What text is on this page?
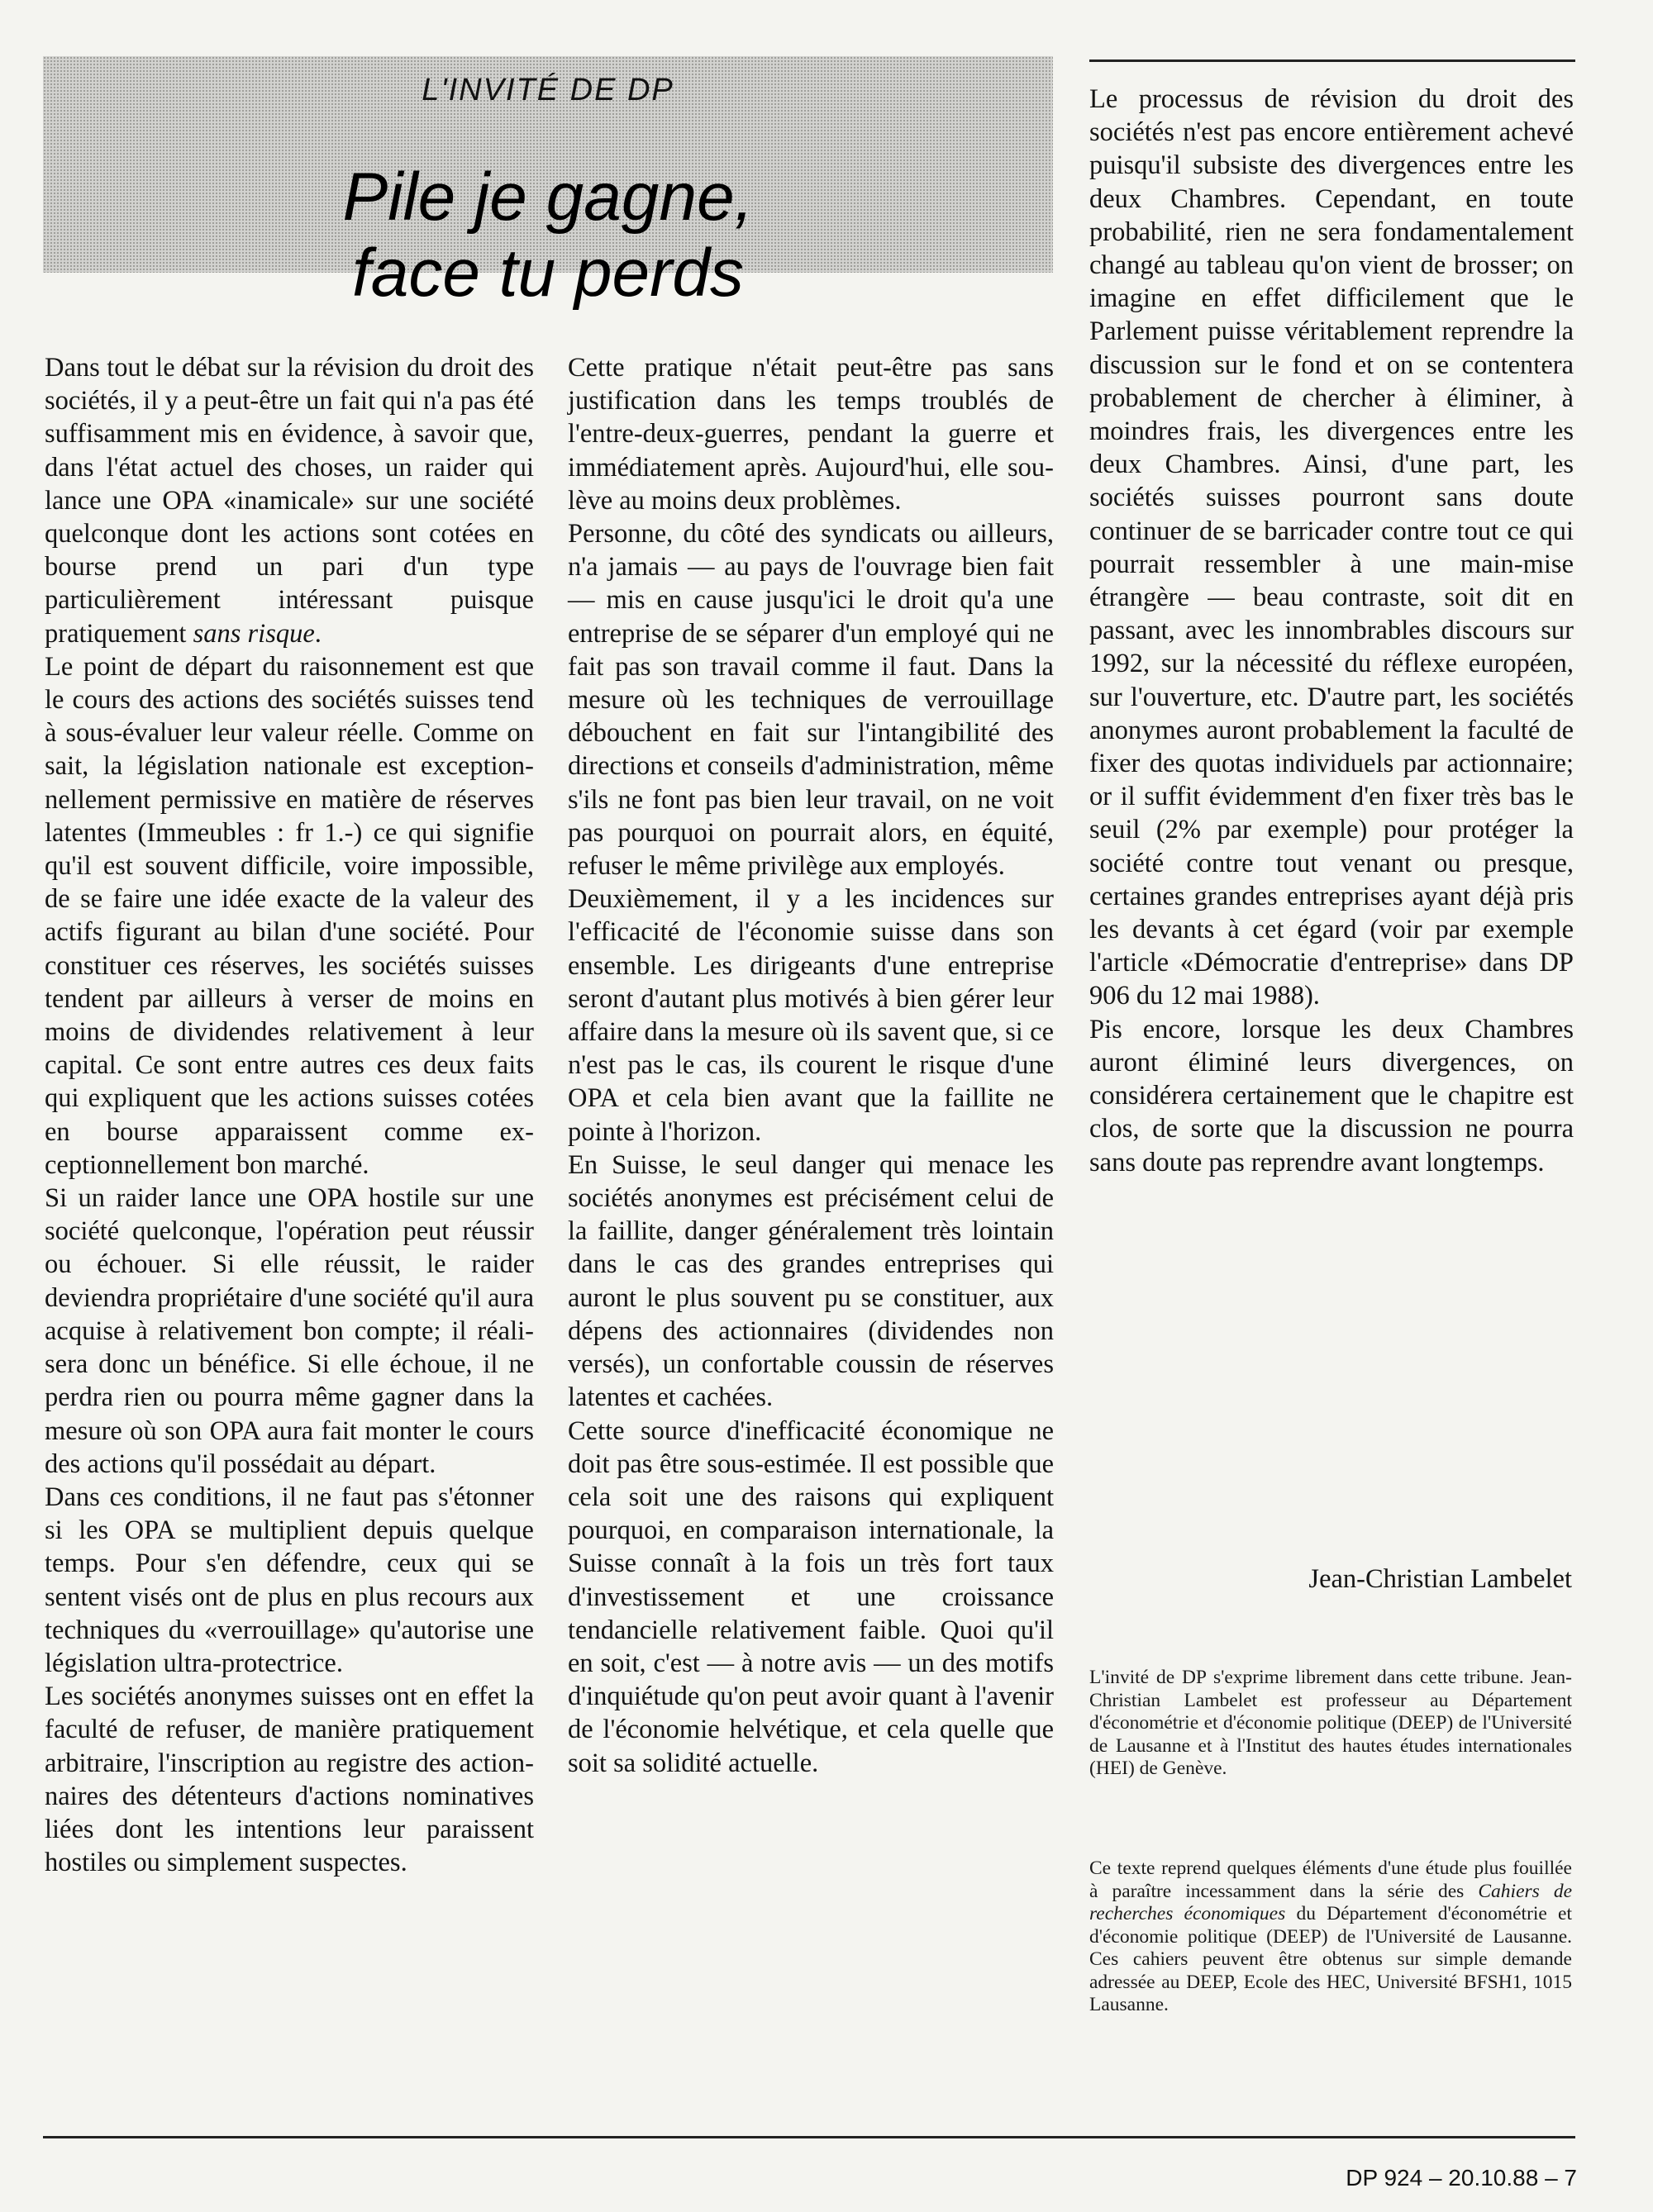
L'INVITÉ DE DP
Pile je gagne,
face tu perds

Dans tout le débat sur la révision du droit des sociétés, il y a peut-être un fait qui n'a pas été suffisamment mis en évidence, à savoir que, dans l'état actuel des choses, un raider qui lance une OPA «inamicale» sur une société quelconque dont les actions sont cotées en bourse prend un pari d'un type particulièrement intéressant puisque pratiquement sans risque.

Le point de départ du raisonnement est que le cours des actions des sociétés suisses tend à sous-évaluer leur valeur réelle. Comme on sait, la législation nationale est exceptionnellement permissive en matière de réserves latentes (Immeubles : fr 1.-) ce qui signifie qu'il est souvent difficile, voire impossible, de se faire une idée exacte de la valeur des actifs figurant au bilan d'une société. Pour constituer ces réserves, les sociétés suisses tendent par ailleurs à verser de moins en moins de dividendes relativement à leur capital. Ce sont entre autres ces deux faits qui expliquent que les actions suisses cotées en bourse apparaissent comme exceptionnellement bon marché.

Si un raider lance une OPA hostile sur une société quelconque, l'opération peut réussir ou échouer. Si elle réussit, le raider deviendra propriétaire d'une société qu'il aura acquise à relativement bon compte; il réalisera donc un bénéfice. Si elle échoue, il ne perdra rien ou pourra même gagner dans la mesure où son OPA aura fait monter le cours des actions qu'il possédait au départ.

Dans ces conditions, il ne faut pas s'étonner si les OPA se multiplient depuis quelque temps. Pour s'en défendre, ceux qui se sentent visés ont de plus en plus recours aux techniques du «verrouillage» qu'autorise une législation ultra-protectrice.

Les sociétés anonymes suisses ont en effet la faculté de refuser, de manière pratiquement arbitraire, l'inscription au registre des actionnaires des détenteurs d'actions nominatives liées dont les intentions leur paraissent hostiles ou simplement suspectes.

Cette pratique n'était peut-être pas sans justification dans les temps troublés de l'entre-deux-guerres, pendant la guerre et immédiatement après. Aujourd'hui, elle soulève au moins deux problèmes.

Personne, du côté des syndicats ou ailleurs, n'a jamais — au pays de l'ouvrage bien fait — mis en cause jusqu'ici le droit qu'a une entreprise de se séparer d'un employé qui ne fait pas son travail comme il faut. Dans la mesure où les techniques de verrouillage débouchent en fait sur l'intangibilité des directions et conseils d'administration, même s'ils ne font pas bien leur travail, on ne voit pas pourquoi on pourrait alors, en équité, refuser le même privilège aux employés.

Deuxièmement, il y a les incidences sur l'efficacité de l'économie suisse dans son ensemble. Les dirigeants d'une entreprise seront d'autant plus motivés à bien gérer leur affaire dans la mesure où ils savent que, si ce n'est pas le cas, ils courent le risque d'une OPA et cela bien avant que la faillite ne pointe à l'horizon.

En Suisse, le seul danger qui menace les sociétés anonymes est précisément celui de la faillite, danger généralement très lointain dans le cas des grandes entreprises qui auront le plus souvent pu se constituer, aux dépens des actionnaires (dividendes non versés), un confortable coussin de réserves latentes et cachées.

Cette source d'inefficacité économique ne doit pas être sous-estimée. Il est possible que cela soit une des raisons qui expliquent pourquoi, en comparaison internationale, la Suisse connaît à la fois un très fort taux d'investissement et une croissance tendancielle relativement faible. Quoi qu'il en soit, c'est — à notre avis — un des motifs d'inquiétude qu'on peut avoir quant à l'avenir de l'économie helvétique, et cela quelle que soit sa solidité actuelle.

Le processus de révision du droit des sociétés n'est pas encore entièrement achevé puisqu'il subsiste des divergences entre les deux Chambres. Cependant, en toute probabilité, rien ne sera fondamentalement changé au tableau qu'on vient de brosser; on imagine en effet difficilement que le Parlement puisse véritablement reprendre la discussion sur le fond et on se contentera probablement de chercher à éliminer, à moindres frais, les divergences entre les deux Chambres. Ainsi, d'une part, les sociétés suisses pourront sans doute continuer de se barricader contre tout ce qui pourrait ressembler à une main-mise étrangère — beau contraste, soit dit en passant, avec les innombrables discours sur 1992, sur la nécessité du réflexe européen, sur l'ouverture, etc. D'autre part, les sociétés anonymes auront probablement la faculté de fixer des quotas individuels par actionnaire; or il suffit évidemment d'en fixer très bas le seuil (2% par exemple) pour protéger la société contre tout venant ou presque, certaines grandes entreprises ayant déjà pris les devants à cet égard (voir par exemple l'article «Démocratie d'entreprise» dans DP 906 du 12 mai 1988).

Pis encore, lorsque les deux Chambres auront éliminé leurs divergences, on considérera certainement que le chapitre est clos, de sorte que la discussion ne pourra sans doute pas reprendre avant longtemps.

Jean-Christian Lambelet

L'invité de DP s'exprime librement dans cette tribune. Jean-Christian Lambelet est professeur au Département d'économétrie et d'économie politique (DEEP) de l'Université de Lausanne et à l'Institut des hautes études internationales (HEI) de Genève.

Ce texte reprend quelques éléments d'une étude plus fouillée à paraître incessamment dans la série des Cahiers de recherches économiques du Département d'économétrie et d'économie politique (DEEP) de l'Université de Lausanne. Ces cahiers peuvent être obtenus sur simple demande adressée au DEEP, Ecole des HEC, Université BFSH1, 1015 Lausanne.

DP 924 – 20.10.88 – 7
